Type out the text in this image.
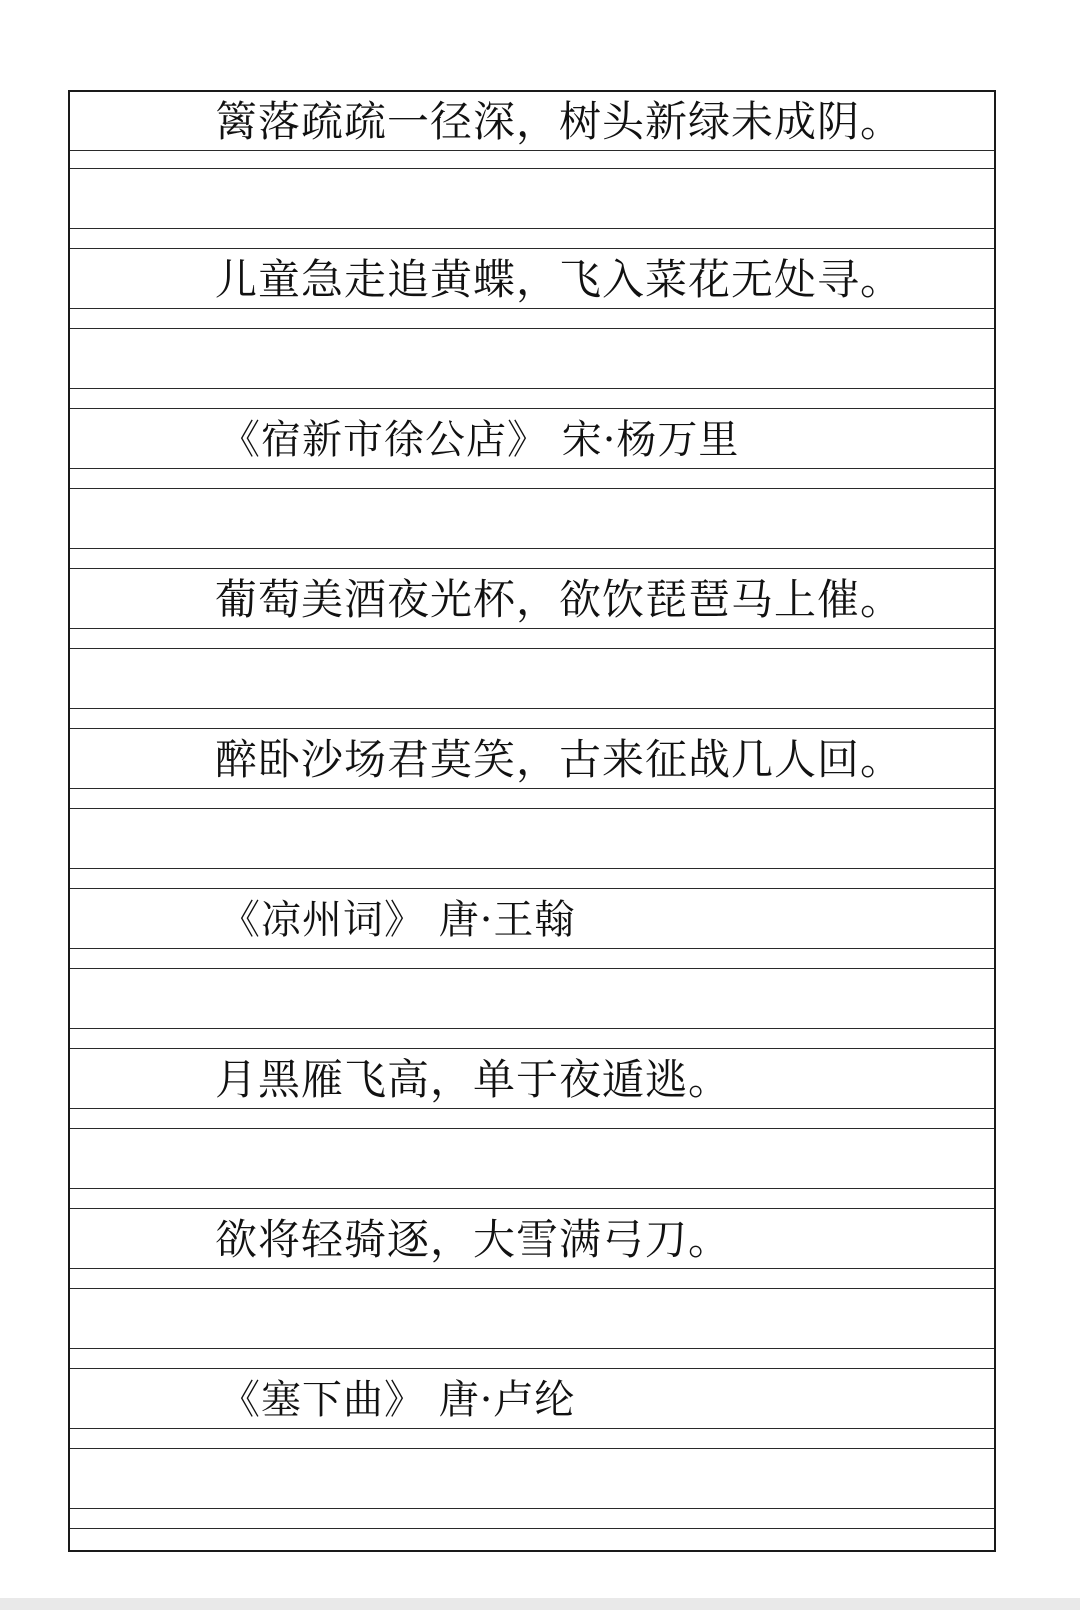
篱落疏疏一径深，树头新绿未成阴。
儿童急走追黄蝶，飞入菜花无处寻。
《宿新市徐公店》 宋·杨万里
葡萄美酒夜光杯，欲饮琵琶马上催。
醉卧沙场君莫笑，古来征战几人回。
《凉州词》 唐·王翰
月黑雁飞高，单于夜遁逃。
欲将轻骑逐，大雪满弓刀。
《塞下曲》 唐·卢纶
